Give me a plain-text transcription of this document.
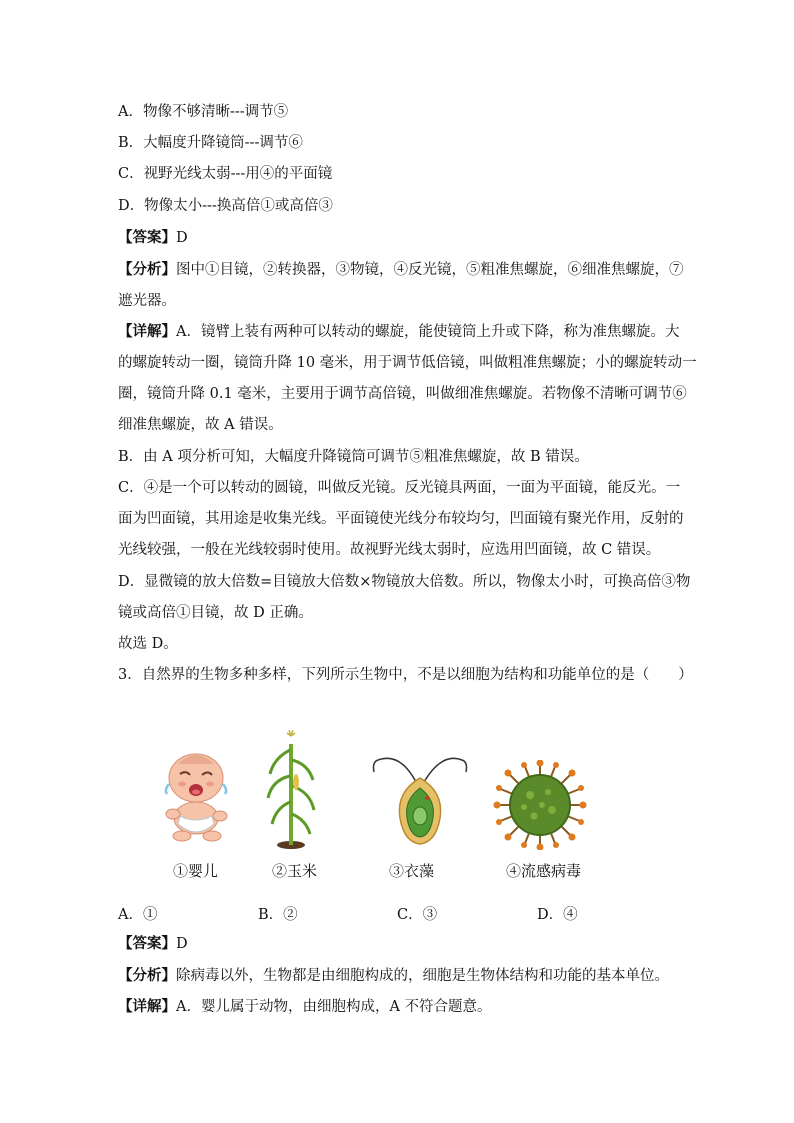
A．物像不够清晰---调节⑤
B．大幅度升降镜筒---调节⑥
C．视野光线太弱---用④的平面镜
D．物像太小---换高倍①或高倍③
【答案】D
【分析】图中①目镜，②转换器，③物镜，④反光镜，⑤粗准焦螺旋，⑥细准焦螺旋，⑦
遮光器。
【详解】A．镜臂上装有两种可以转动的螺旋，能使镜筒上升或下降，称为准焦螺旋。大
的螺旋转动一圈，镜筒升降 10 毫米，用于调节低倍镜，叫做粗准焦螺旋；小的螺旋转动一
圈，镜筒升降 0.1 毫米，主要用于调节高倍镜，叫做细准焦螺旋。若物像不清晰可调节⑥
细准焦螺旋，故 A 错误。
B．由 A 项分析可知，大幅度升降镜筒可调节⑤粗准焦螺旋，故 B 错误。
C．④是一个可以转动的圆镜，叫做反光镜。反光镜具两面，一面为平面镜，能反光。一
面为凹面镜，其用途是收集光线。平面镜使光线分布较均匀，凹面镜有聚光作用，反射的
光线较强，一般在光线较弱时使用。故视野光线太弱时，应选用凹面镜，故 C 错误。
D．显微镜的放大倍数=目镜放大倍数×物镜放大倍数。所以，物像太小时，可换高倍③物
镜或高倍①目镜，故 D 正确。
故选 D。
3．自然界的生物多种多样，下列所示生物中，不是以细胞为结构和功能单位的是（　　）
①婴儿	②玉米	③衣藻	④流感病毒
A．①	B．②	C．③	D．④
【答案】D
【分析】除病毒以外，生物都是由细胞构成的，细胞是生物体结构和功能的基本单位。
【详解】A．婴儿属于动物，由细胞构成，A 不符合题意。
